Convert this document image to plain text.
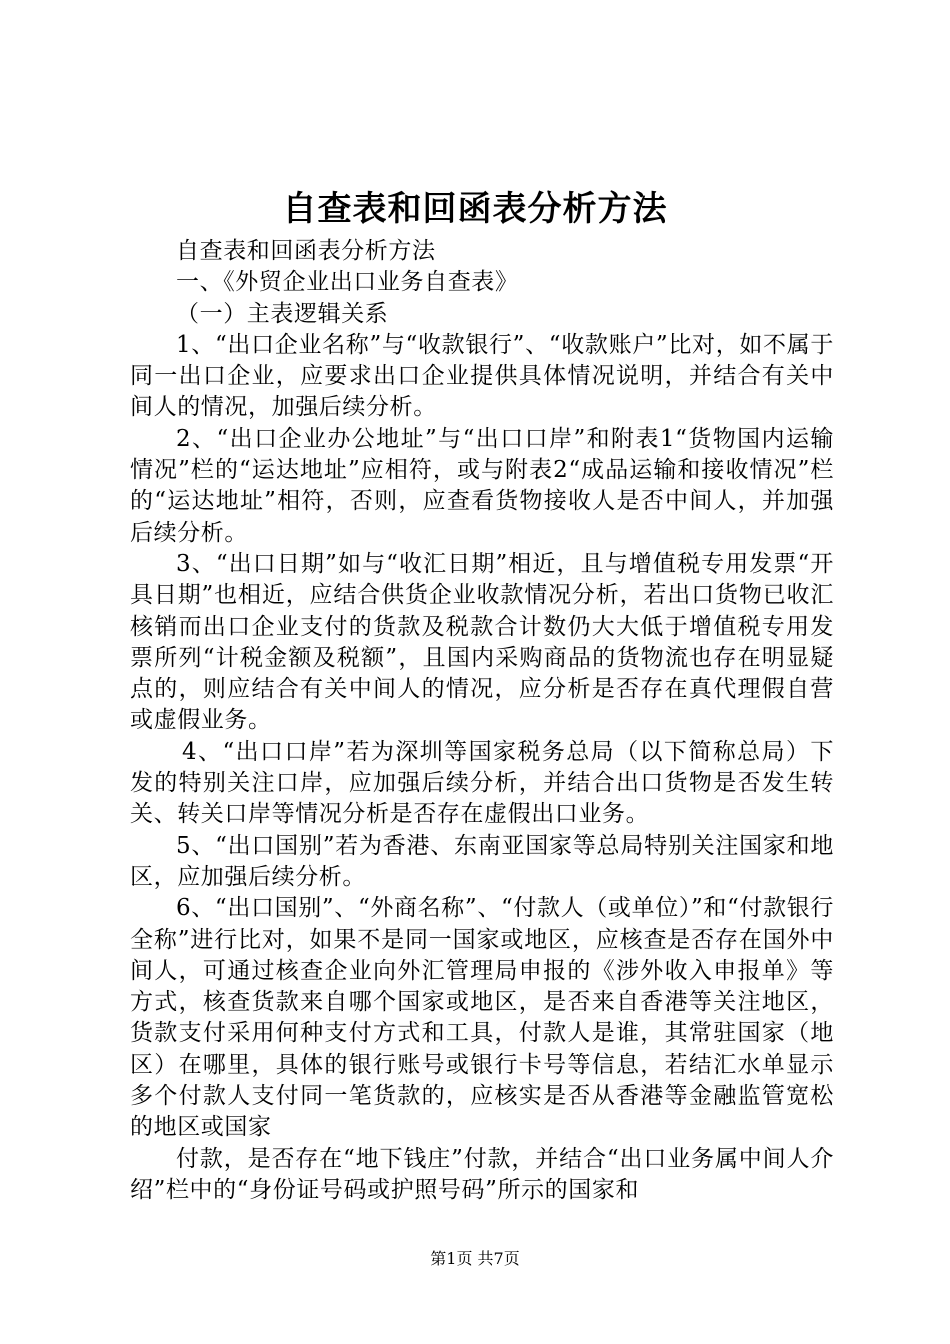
自查表和回函表分析方法

自查表和回函表分析方法

一、《外贸企业出口业务自查表》

（一）主表逻辑关系

1、“出口企业名称”与“收款银行”、“收款账户”比对，如不属于同一出口企业，应要求出口企业提供具体情况说明，并结合有关中间人的情况，加强后续分析。

2、“出口企业办公地址”与“出口口岸”和附表1“货物国内运输情况”栏的“运达地址”应相符，或与附表2“成品运输和接收情况”栏的“运达地址”相符，否则，应查看货物接收人是否中间人，并加强后续分析。

3、“出口日期”如与“收汇日期”相近，且与增值税专用发票“开具日期”也相近，应结合供货企业收款情况分析，若出口货物已收汇核销而出口企业支付的货款及税款合计数仍大大低于增值税专用发票所列“计税金额及税额”，且国内采购商品的货物流也存在明显疑点的，则应结合有关中间人的情况，应分析是否存在真代理假自营或虚假业务。

4、“出口口岸”若为深圳等国家税务总局（以下简称总局）下发的特别关注口岸，应加强后续分析，并结合出口货物是否发生转关、转关口岸等情况分析是否存在虚假出口业务。

5、“出口国别”若为香港、东南亚国家等总局特别关注国家和地区，应加强后续分析。

6、“出口国别”、“外商名称”、“付款人（或单位）”和“付款银行全称”进行比对，如果不是同一国家或地区，应核查是否存在国外中间人，可通过核查企业向外汇管理局申报的《涉外收入申报单》等方式，核查货款来自哪个国家或地区，是否来自香港等关注地区，货款支付采用何种支付方式和工具，付款人是谁，其常驻国家（地区）在哪里，具体的银行账号或银行卡号等信息，若结汇水单显示多个付款人支付同一笔货款的，应核实是否从香港等金融监管宽松的地区或国家

付款，是否存在“地下钱庄”付款，并结合“出口业务属中间人介绍”栏中的“身份证号码或护照号码”所示的国家和

第1页 共7页
